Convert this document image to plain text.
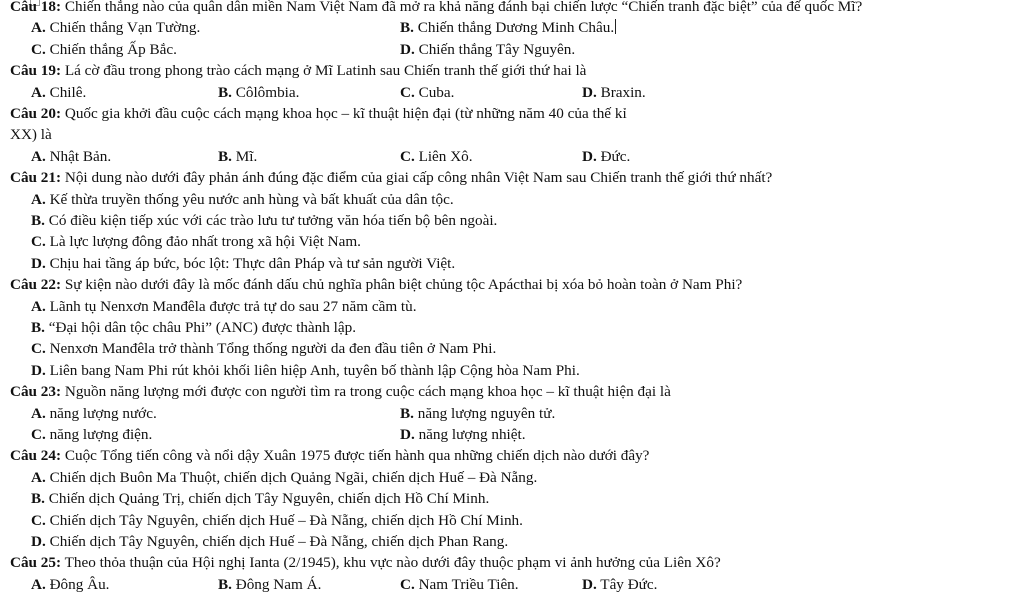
Câu 18: Chiến thắng nào của quân dân miền Nam Việt Nam đã mở ra khả năng đánh bại chiến lược “Chiến tranh đặc biệt” của đế quốc Mĩ?
A. Chiến thắng Vạn Tường.	B. Chiến thắng Dương Minh Châu.
C. Chiến thắng Ấp Bắc.	D. Chiến thắng Tây Nguyên.
Câu 19: Lá cờ đầu trong phong trào cách mạng ở Mĩ Latinh sau Chiến tranh thế giới thứ hai là
A. Chilê.	B. Côlômbia.	C. Cuba.	D. Braxin.
Câu 20: Quốc gia khởi đầu cuộc cách mạng khoa học – kĩ thuật hiện đại (từ những năm 40 của thế kỉ
XX) là
A. Nhật Bản.	B. Mĩ.	C. Liên Xô.	D. Đức.
Câu 21: Nội dung nào dưới đây phản ánh đúng đặc điểm của giai cấp công nhân Việt Nam sau Chiến tranh thế giới thứ nhất?
A. Kế thừa truyền thống yêu nước anh hùng và bất khuất của dân tộc.
B. Có điều kiện tiếp xúc với các trào lưu tư tưởng văn hóa tiến bộ bên ngoài.
C. Là lực lượng đông đảo nhất trong xã hội Việt Nam.
D. Chịu hai tầng áp bức, bóc lột: Thực dân Pháp và tư sản người Việt.
Câu 22: Sự kiện nào dưới đây là mốc đánh dấu chủ nghĩa phân biệt chủng tộc Apácthai bị xóa bỏ hoàn toàn ở Nam Phi?
A. Lãnh tụ Nenxơn Manđêla được trả tự do sau 27 năm cầm tù.
B. “Đại hội dân tộc châu Phi” (ANC) được thành lập.
C. Nenxơn Manđêla trở thành Tổng thống người da đen đầu tiên ở Nam Phi.
D. Liên bang Nam Phi rút khỏi khối liên hiệp Anh, tuyên bố thành lập Cộng hòa Nam Phi.
Câu 23: Nguồn năng lượng mới được con người tìm ra trong cuộc cách mạng khoa học – kĩ thuật hiện đại là
A. năng lượng nước.	B. năng lượng nguyên tử.
C. năng lượng điện.	D. năng lượng nhiệt.
Câu 24: Cuộc Tổng tiến công và nổi dậy Xuân 1975 được tiến hành qua những chiến dịch nào dưới đây?
A. Chiến dịch Buôn Ma Thuột, chiến dịch Quảng Ngãi, chiến dịch Huế – Đà Nẵng.
B. Chiến dịch Quảng Trị, chiến dịch Tây Nguyên, chiến dịch Hồ Chí Minh.
C. Chiến dịch Tây Nguyên, chiến dịch Huế – Đà Nẵng, chiến dịch Hồ Chí Minh.
D. Chiến dịch Tây Nguyên, chiến dịch Huế – Đà Nẵng, chiến dịch Phan Rang.
Câu 25: Theo thỏa thuận của Hội nghị Ianta (2/1945), khu vực nào dưới đây thuộc phạm vi ảnh hưởng của Liên Xô?
A. Đông Âu.	B. Đông Nam Á.	C. Nam Triều Tiên.	D. Tây Đức.
